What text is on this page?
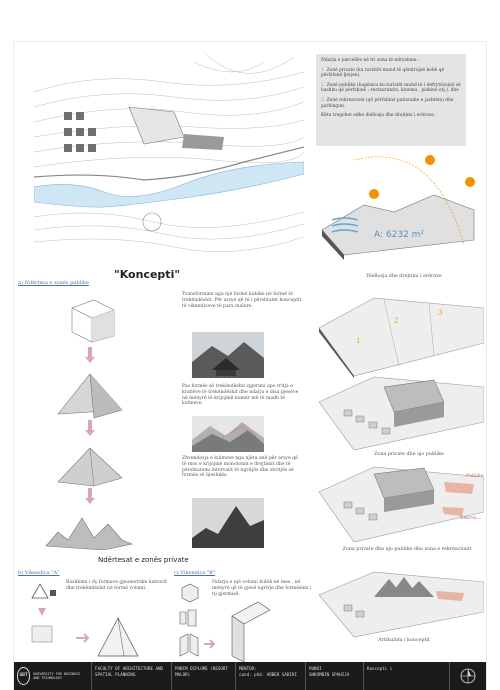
Ndarja e parcellës në tri zona të ndryshme :

1. Zonë private (ku turistët mund të qëndrojnë kohë që përfshinë fjetjen).

2. Zonë publike (hapësira ku turistët mund të i defrytëzojnë së bashku që përfshinë : restaurantin, kinema , pishinë etj.), dhe

3. Zonë rekreacioni (që përfshinë pationuhe e jashtëm) dhe parkingun.

Këtu tregohet edhe diellosja dhe drejtimi i erërave.

A: 6232 m²
Diellosja dhe drejtimi i erërave
1
2
3
Zona private dhe ajo publike
Publike
Rekrea...
Zona private dhe ajo publike dhe zona e rekreacionit
Artikulimi i konceptit
"Koncepti"
a) Ndërtesa e zonës publike
Transformimi nga një formë kubike në formë të trekëndëshit. Për arsye që të i përshtatet konceptit të vikendiceve të para malore.
Pas formës së trekëndëshit zgjerimi apo rritja e krahëve të trekëndëshit dhe ndarja e disa pjesëve në mënyrë të krijojmë numër më të madh të kulmeve.
Zhvendosja e kulmeve nga njëra anë për arsye që të mos e krijojmë monotonin e drejtimit dhe të përshtatemi intervalit të ngritjës dhe zbritjës së formës së bjeshkës.
Ndërtesat e zonës private
b) Vikendica "A"
Bashkimi i dy formave gjeometrike katrorit dhe trekëndëshit në formë volumi.
c) Vikendica "B"
Ndarja e një volumi kubik në mes , në mënyrë që të pjesë ngrirje dhe formësimi i tij gjermisë.
UBT	UNIVERSITY FOR BUSINESS AND TECHNOLOGY
FACULTY OF ARCHITECTURE AND SPATIAL PLANNING
PUNIM DIPLOME (RESORT MALOR)
MENTOR:
cand. phd. ARBER SADIKI
PUNOI
SHKUMBIN SPAHIJA
Koncepti i
